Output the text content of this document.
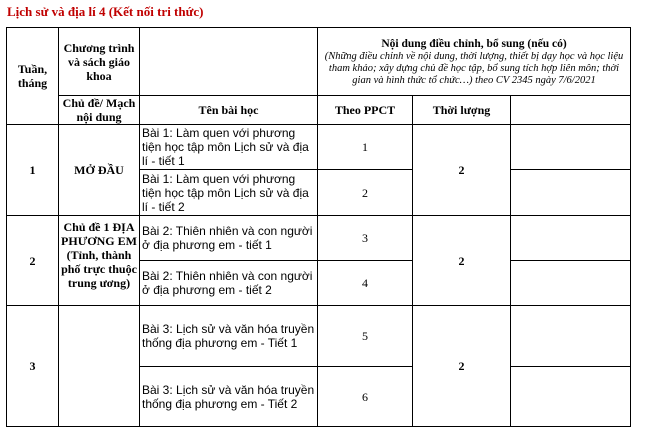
Lịch sử và địa lí 4 (Kết nối tri thức)
Tuần, tháng	Chương trình và sách giáo khoa		Nội dung điều chỉnh, bổ sung (nếu có)
(Những điều chỉnh về nội dung, thời lượng, thiết bị dạy học và học liệu tham khảo; xây dựng chủ đề học tập, bổ sung tích hợp liên môn; thời gian và hình thức tổ chức…) theo CV 2345 ngày 7/6/2021		

	Chủ đề/ Mạch nội dung	Tên bài học	Theo PPCT	Thời lượng	
1	MỞ ĐẦU	Bài 1: Làm quen với phương tiện học tập môn Lịch sử và địa lí - tiết 1	1	2	
		Bài 1: Làm quen với phương tiện học tập môn Lịch sử và địa lí - tiết 2	2		
2	Chủ đề 1 ĐỊA PHƯƠNG EM (Tỉnh, thành phố trực thuộc trung ương)	Bài 2: Thiên nhiên và con người ở địa phương em - tiết 1	3	2	
		Bài 2: Thiên nhiên và con người ở địa phương em - tiết 2	4		
3		Bài 3: Lịch sử và văn hóa truyền thống địa phương em - Tiết 1	5	2	
		Bài 3: Lịch sử và văn hóa truyền thống địa phương em - Tiết 2	6		
